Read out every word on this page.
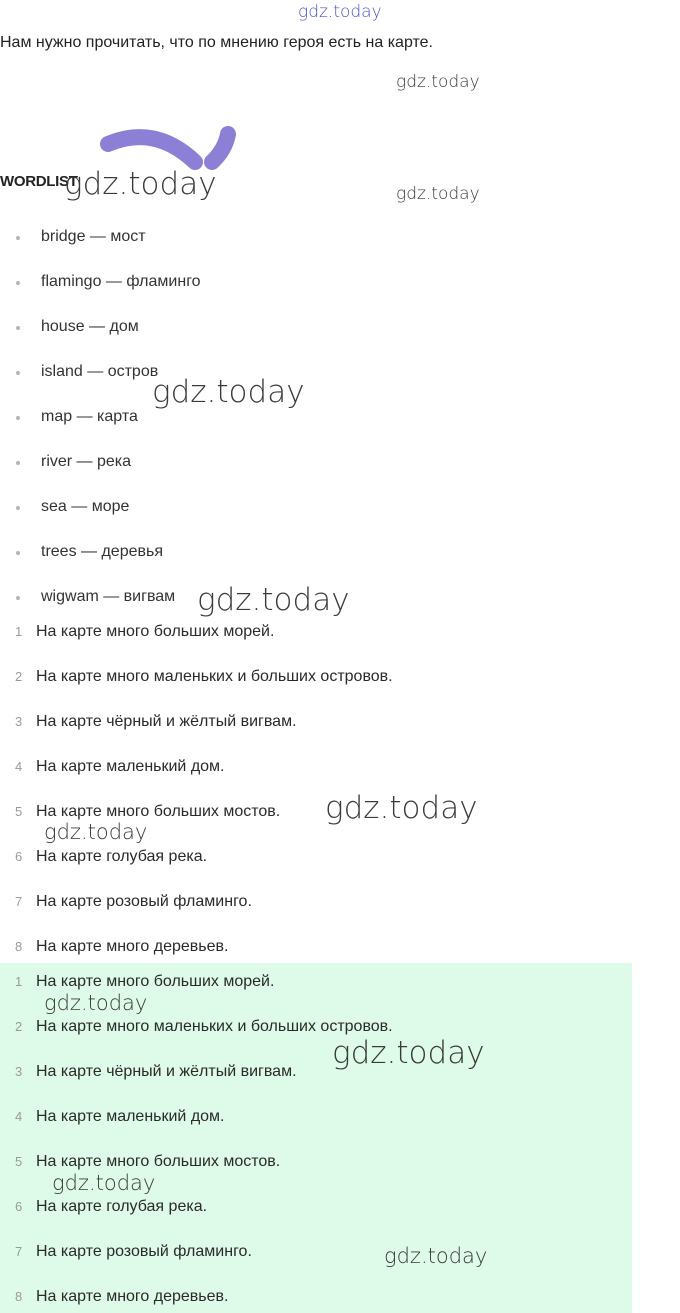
gdz.today
Нам нужно прочитать, что по мнению героя есть на карте.
WORDLIST
bridge — мост
flamingo — фламинго
house — дом
island — остров
map — карта
river — река
sea — море
trees — деревья
wigwam — вигвам
1 На карте много больших морей.
2 На карте много маленьких и больших островов.
3 На карте чёрный и жёлтый вигвам.
4 На карте маленький дом.
5 На карте много больших мостов.
6 На карте голубая река.
7 На карте розовый фламинго.
8 На карте много деревьев.
1 На карте много больших морей.
2 На карте много маленьких и больших островов.
3 На карте чёрный и жёлтый вигвам.
4 На карте маленький дом.
5 На карте много больших мостов.
6 На карте голубая река.
7 На карте розовый фламинго.
8 На карте много деревьев.
gdz.today
gdz.today	gdz.today
gdz.today
gdz.today
gdz.today
gdz.today
gdz.today
gdz.today
gdz.today
gdz.today
